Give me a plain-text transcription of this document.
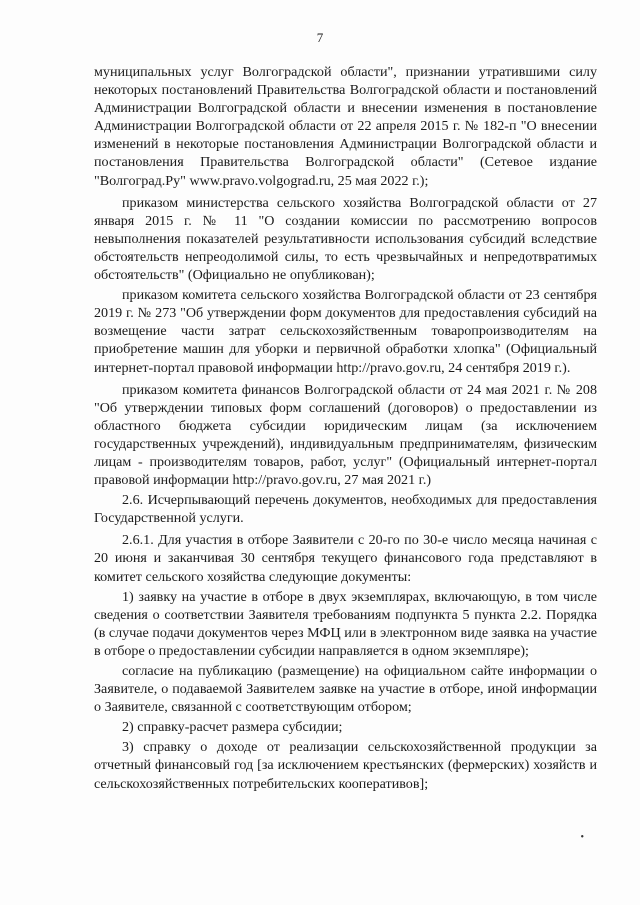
7

муниципальных услуг Волгоградской области", признании утратившими силу некоторых постановлений Правительства Волгоградской области и постановлений Администрации Волгоградской области и внесении изменения в постановление Администрации Волгоградской области от 22 апреля 2015 г. № 182-п "О внесении изменений в некоторые постановления Администрации Волгоградской области и постановления Правительства Волгоградской области" (Сетевое издание "Волгоград.Ру" www.pravo.volgograd.ru, 25 мая 2022 г.);

приказом министерства сельского хозяйства Волгоградской области от 27 января 2015 г. № 11 "О создании комиссии по рассмотрению вопросов невыполнения показателей результативности использования субсидий вследствие обстоятельств непреодолимой силы, то есть чрезвычайных и непредотвратимых обстоятельств" (Официально не опубликован);

приказом комитета сельского хозяйства Волгоградской области от 23 сентября 2019 г. № 273 "Об утверждении форм документов для предоставления субсидий на возмещение части затрат сельскохозяйственным товаропроизводителям на приобретение машин для уборки и первичной обработки хлопка" (Официальный интернет-портал правовой информации http://pravo.gov.ru, 24 сентября 2019 г.).

приказом комитета финансов Волгоградской области от 24 мая 2021 г. № 208 "Об утверждении типовых форм соглашений (договоров) о предоставлении из областного бюджета субсидии юридическим лицам (за исключением государственных учреждений), индивидуальным предпринимателям, физическим лицам - производителям товаров, работ, услуг" (Официальный интернет-портал правовой информации http://pravo.gov.ru, 27 мая 2021 г.)

2.6. Исчерпывающий перечень документов, необходимых для предоставления Государственной услуги.

2.6.1. Для участия в отборе Заявители с 20-го по 30-е число месяца начиная с 20 июня и заканчивая 30 сентября текущего финансового года представляют в комитет сельского хозяйства следующие документы:

1) заявку на участие в отборе в двух экземплярах, включающую, в том числе сведения о соответствии Заявителя требованиям подпункта 5 пункта 2.2. Порядка (в случае подачи документов через МФЦ или в электронном виде заявка на участие в отборе о предоставлении субсидии направляется в одном экземпляре);

согласие на публикацию (размещение) на официальном сайте информации о Заявителе, о подаваемой Заявителем заявке на участие в отборе, иной информации о Заявителе, связанной с соответствующим отбором;

2) справку-расчет размера субсидии;

3) справку о доходе от реализации сельскохозяйственной продукции за отчетный финансовый год [за исключением крестьянских (фермерских) хозяйств и сельскохозяйственных потребительских кооперативов];

•
